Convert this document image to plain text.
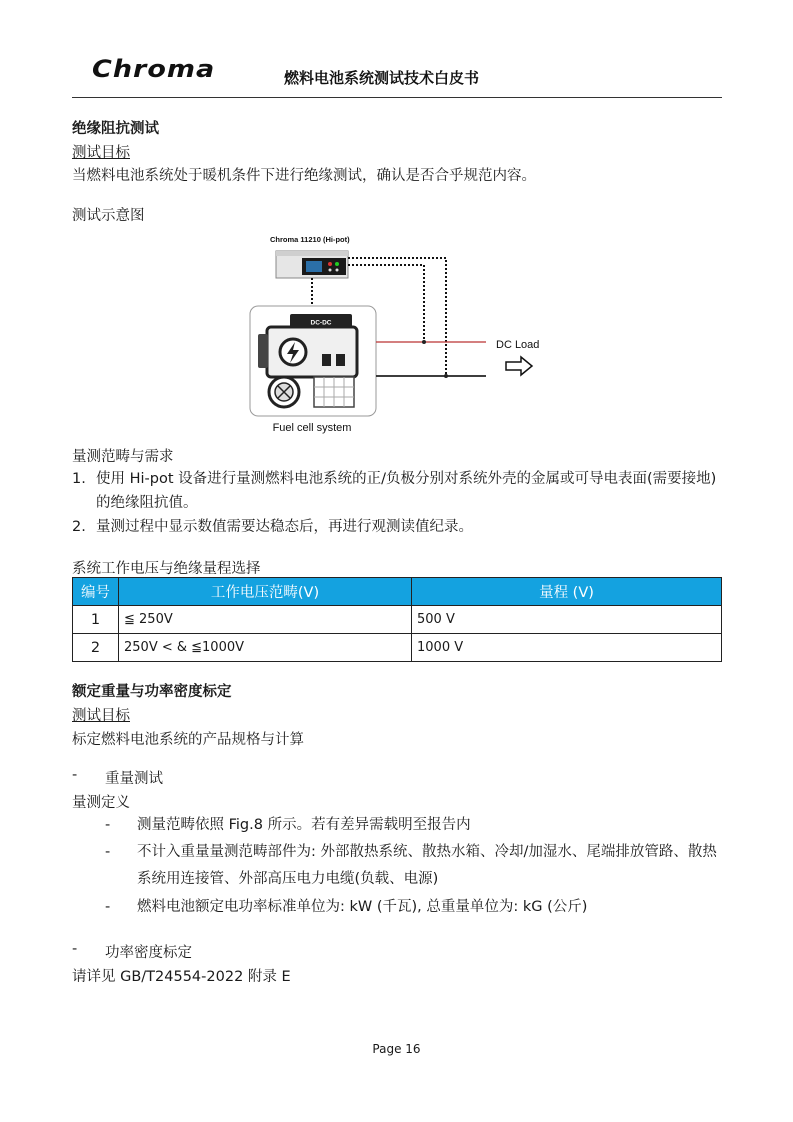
Chroma	燃料电池系统测试技术白皮书
绝缘阻抗测试
测试目标
当燃料电池系统处于暖机条件下进行绝缘测试，确认是否合乎规范内容。
测试示意图
Chroma 11210 (Hi-pot)
DC-DC
DC Load
Fuel cell system
量测范畴与需求
1. 使用 Hi-pot 设备进行量测燃料电池系统的正/负极分别对系统外壳的金属或可导电表面(需要接地)的绝缘阻抗值。
2. 量测过程中显示数值需要达稳态后，再进行观测读值纪录。
系统工作电压与绝缘量程选择
编号	工作电压范畴(V)	量程 (V)
1	≦ 250V	500 V
2	250V < & ≦1000V	1000 V
额定重量与功率密度标定
测试目标
标定燃料电池系统的产品规格与计算
-	重量测试
量测定义
-	测量范畴依照 Fig.8 所示。若有差异需载明至报告内
-	不计入重量量测范畴部件为: 外部散热系统、散热水箱、冷却/加湿水、尾端排放管路、散热系统用连接管、外部高压电力电缆(负载、电源)
-	燃料电池额定电功率标准单位为: kW (千瓦), 总重量单位为: kG (公斤)
-	功率密度标定
请详见 GB/T24554-2022 附录 E
Page 16
